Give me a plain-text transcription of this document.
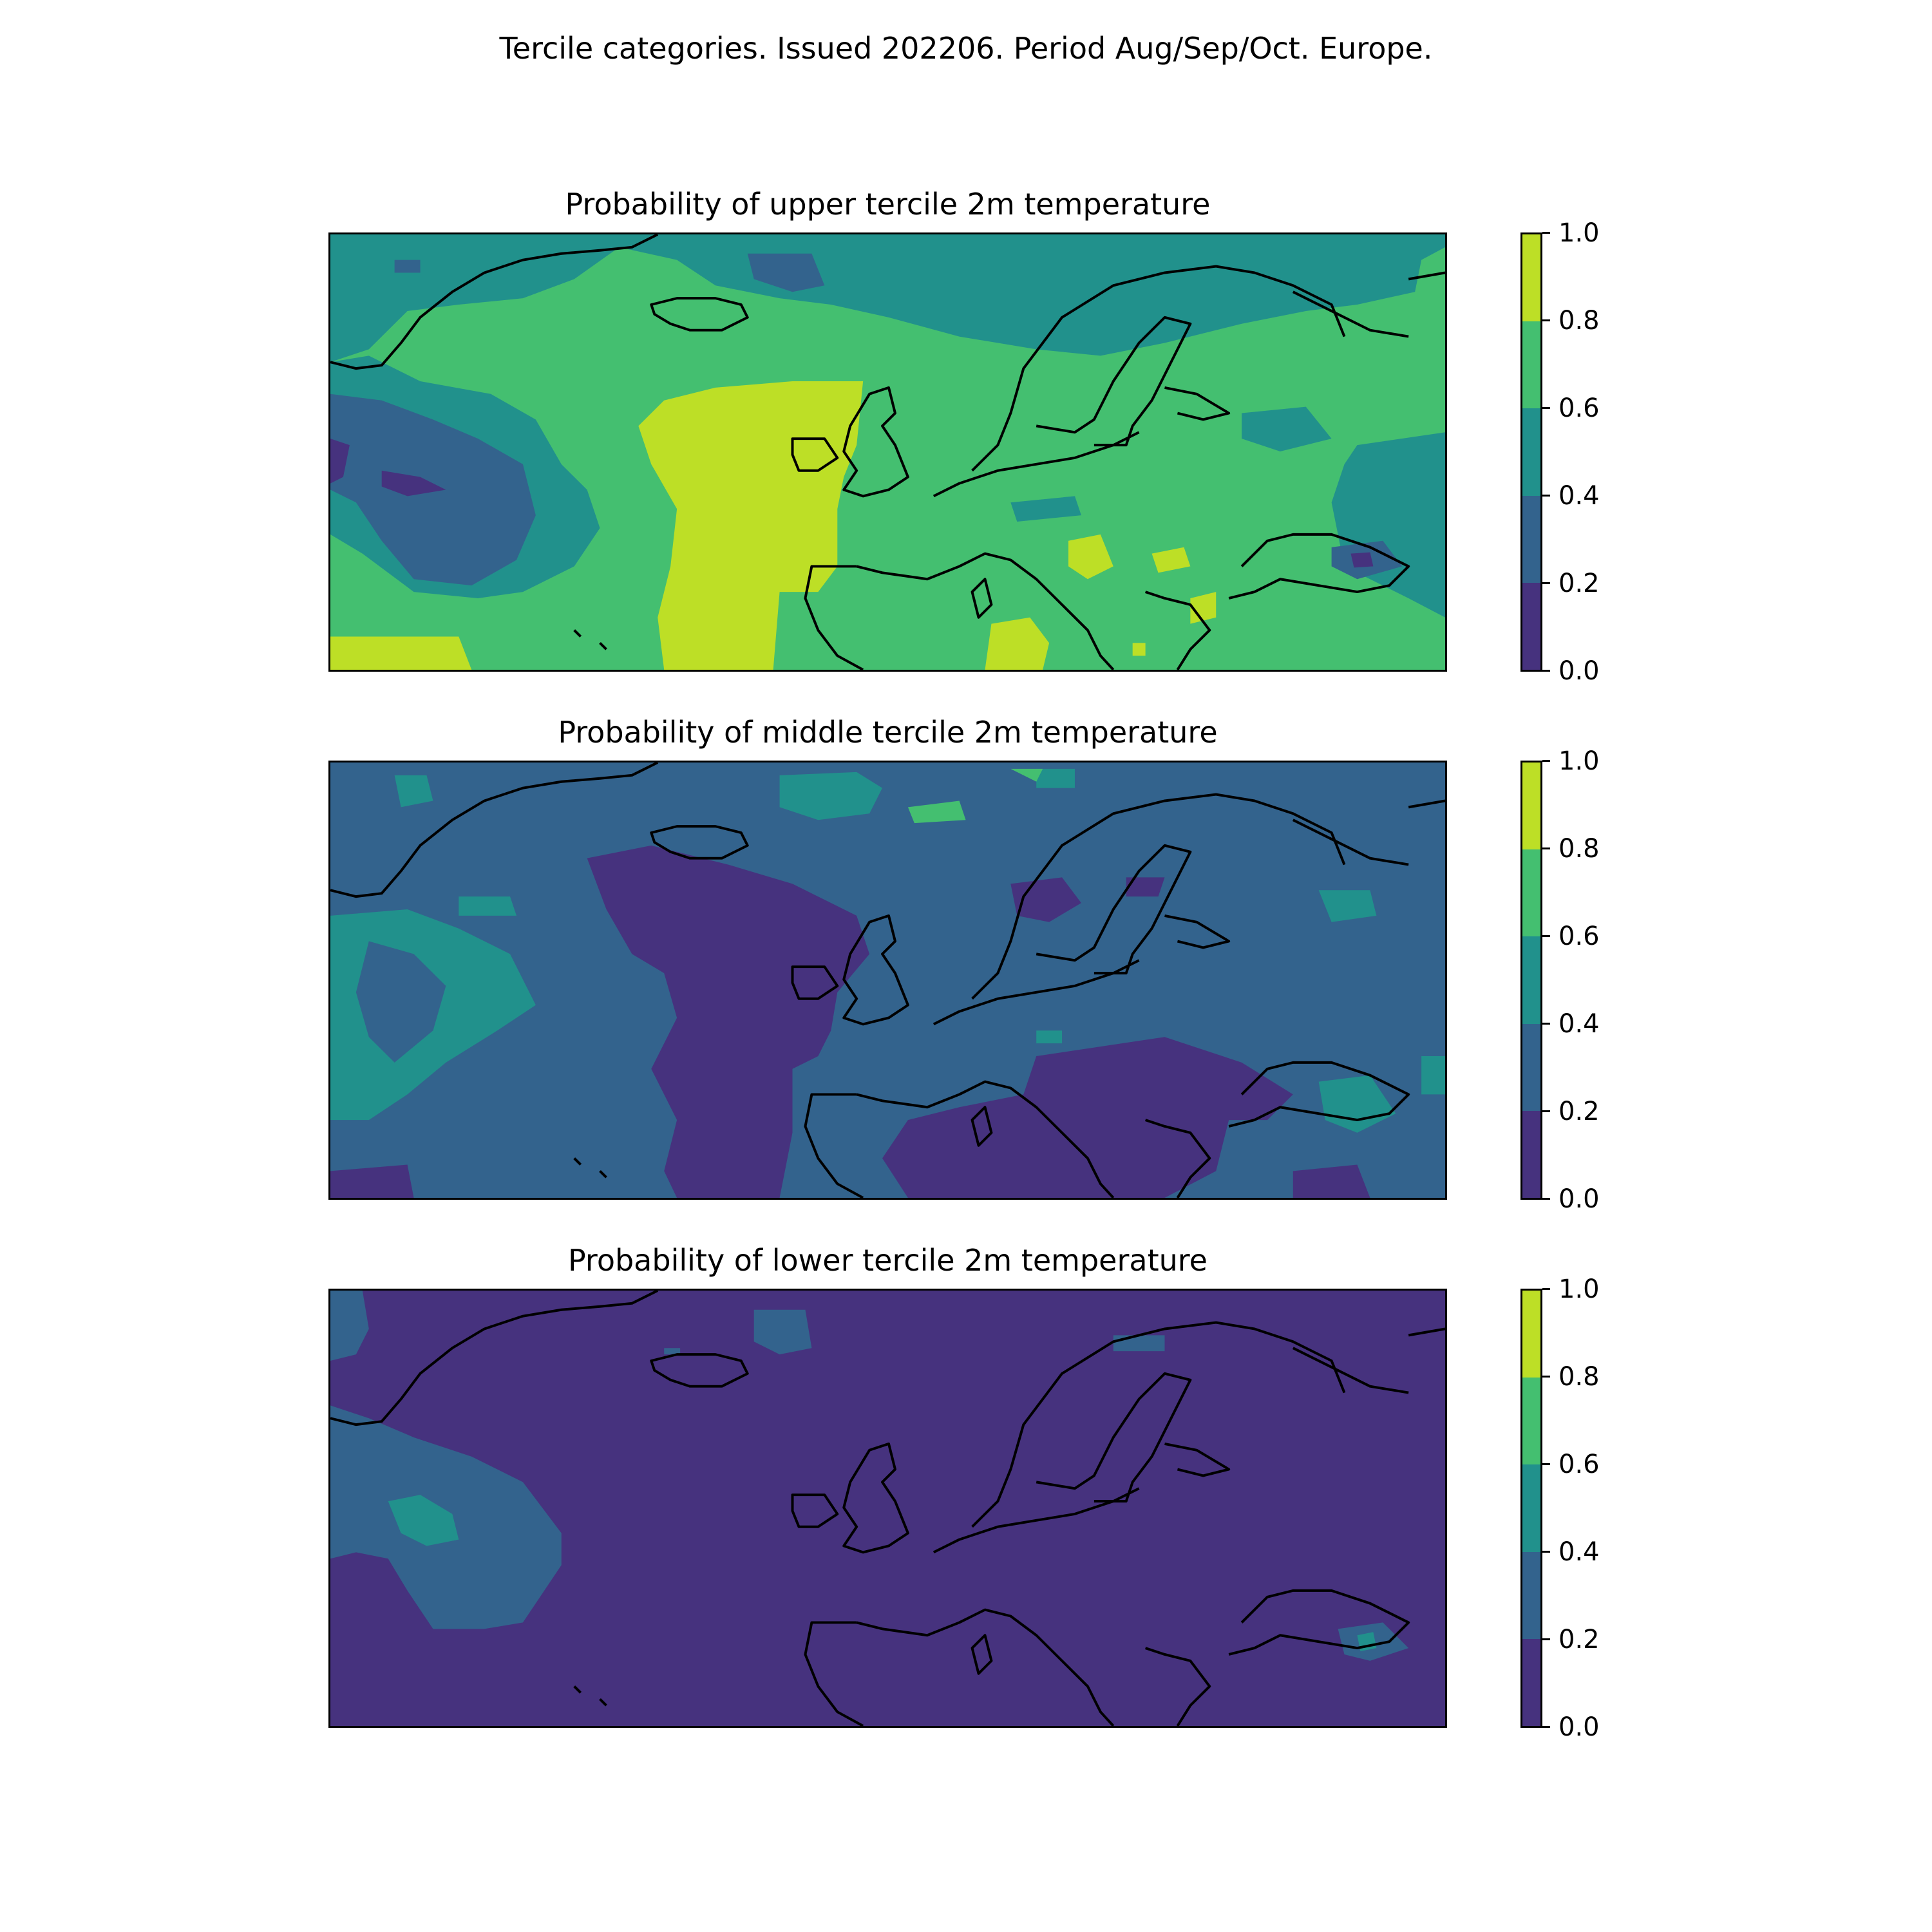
Tercile categories. Issued 202206. Period Aug/Sep/Oct. Europe.
Probability of upper tercile 2m temperature
1.0
0.8
0.6
0.4
0.2
0.0
Probability of middle tercile 2m temperature
1.0
0.8
0.6
0.4
0.2
0.0
Probability of lower tercile 2m temperature
1.0
0.8
0.6
0.4
0.2
0.0
